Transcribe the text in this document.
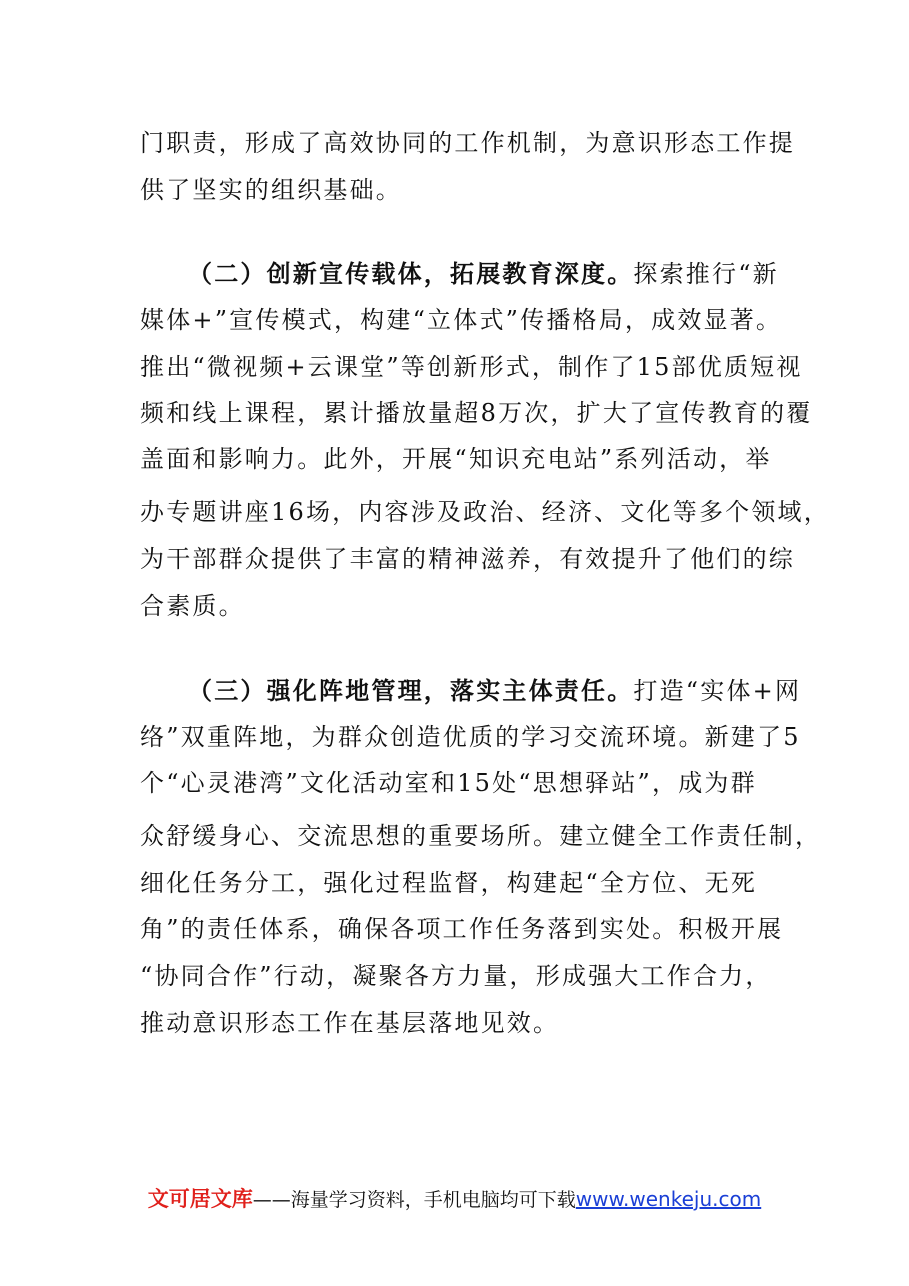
门职责，形成了高效协同的工作机制，为意识形态工作提
供了坚实的组织基础。
（二）创新宣传载体，拓展教育深度。探索推行“新
媒体+”宣传模式，构建“立体式”传播格局，成效显著。
推出“微视频+云课堂”等创新形式，制作了15部优质短视
频和线上课程，累计播放量超8万次，扩大了宣传教育的覆
盖面和影响力。此外，开展“知识充电站”系列活动，举
办专题讲座16场，内容涉及政治、经济、文化等多个领域，
为干部群众提供了丰富的精神滋养，有效提升了他们的综
合素质。
（三）强化阵地管理，落实主体责任。打造“实体+网
络”双重阵地，为群众创造优质的学习交流环境。新建了5
个“心灵港湾”文化活动室和15处“思想驿站”，成为群
众舒缓身心、交流思想的重要场所。建立健全工作责任制，
细化任务分工，强化过程监督，构建起“全方位、无死
角”的责任体系，确保各项工作任务落到实处。积极开展
“协同合作”行动，凝聚各方力量，形成强大工作合力，
推动意识形态工作在基层落地见效。
文可居文库——海量学习资料，手机电脑均可下载www.wenkeju.com
